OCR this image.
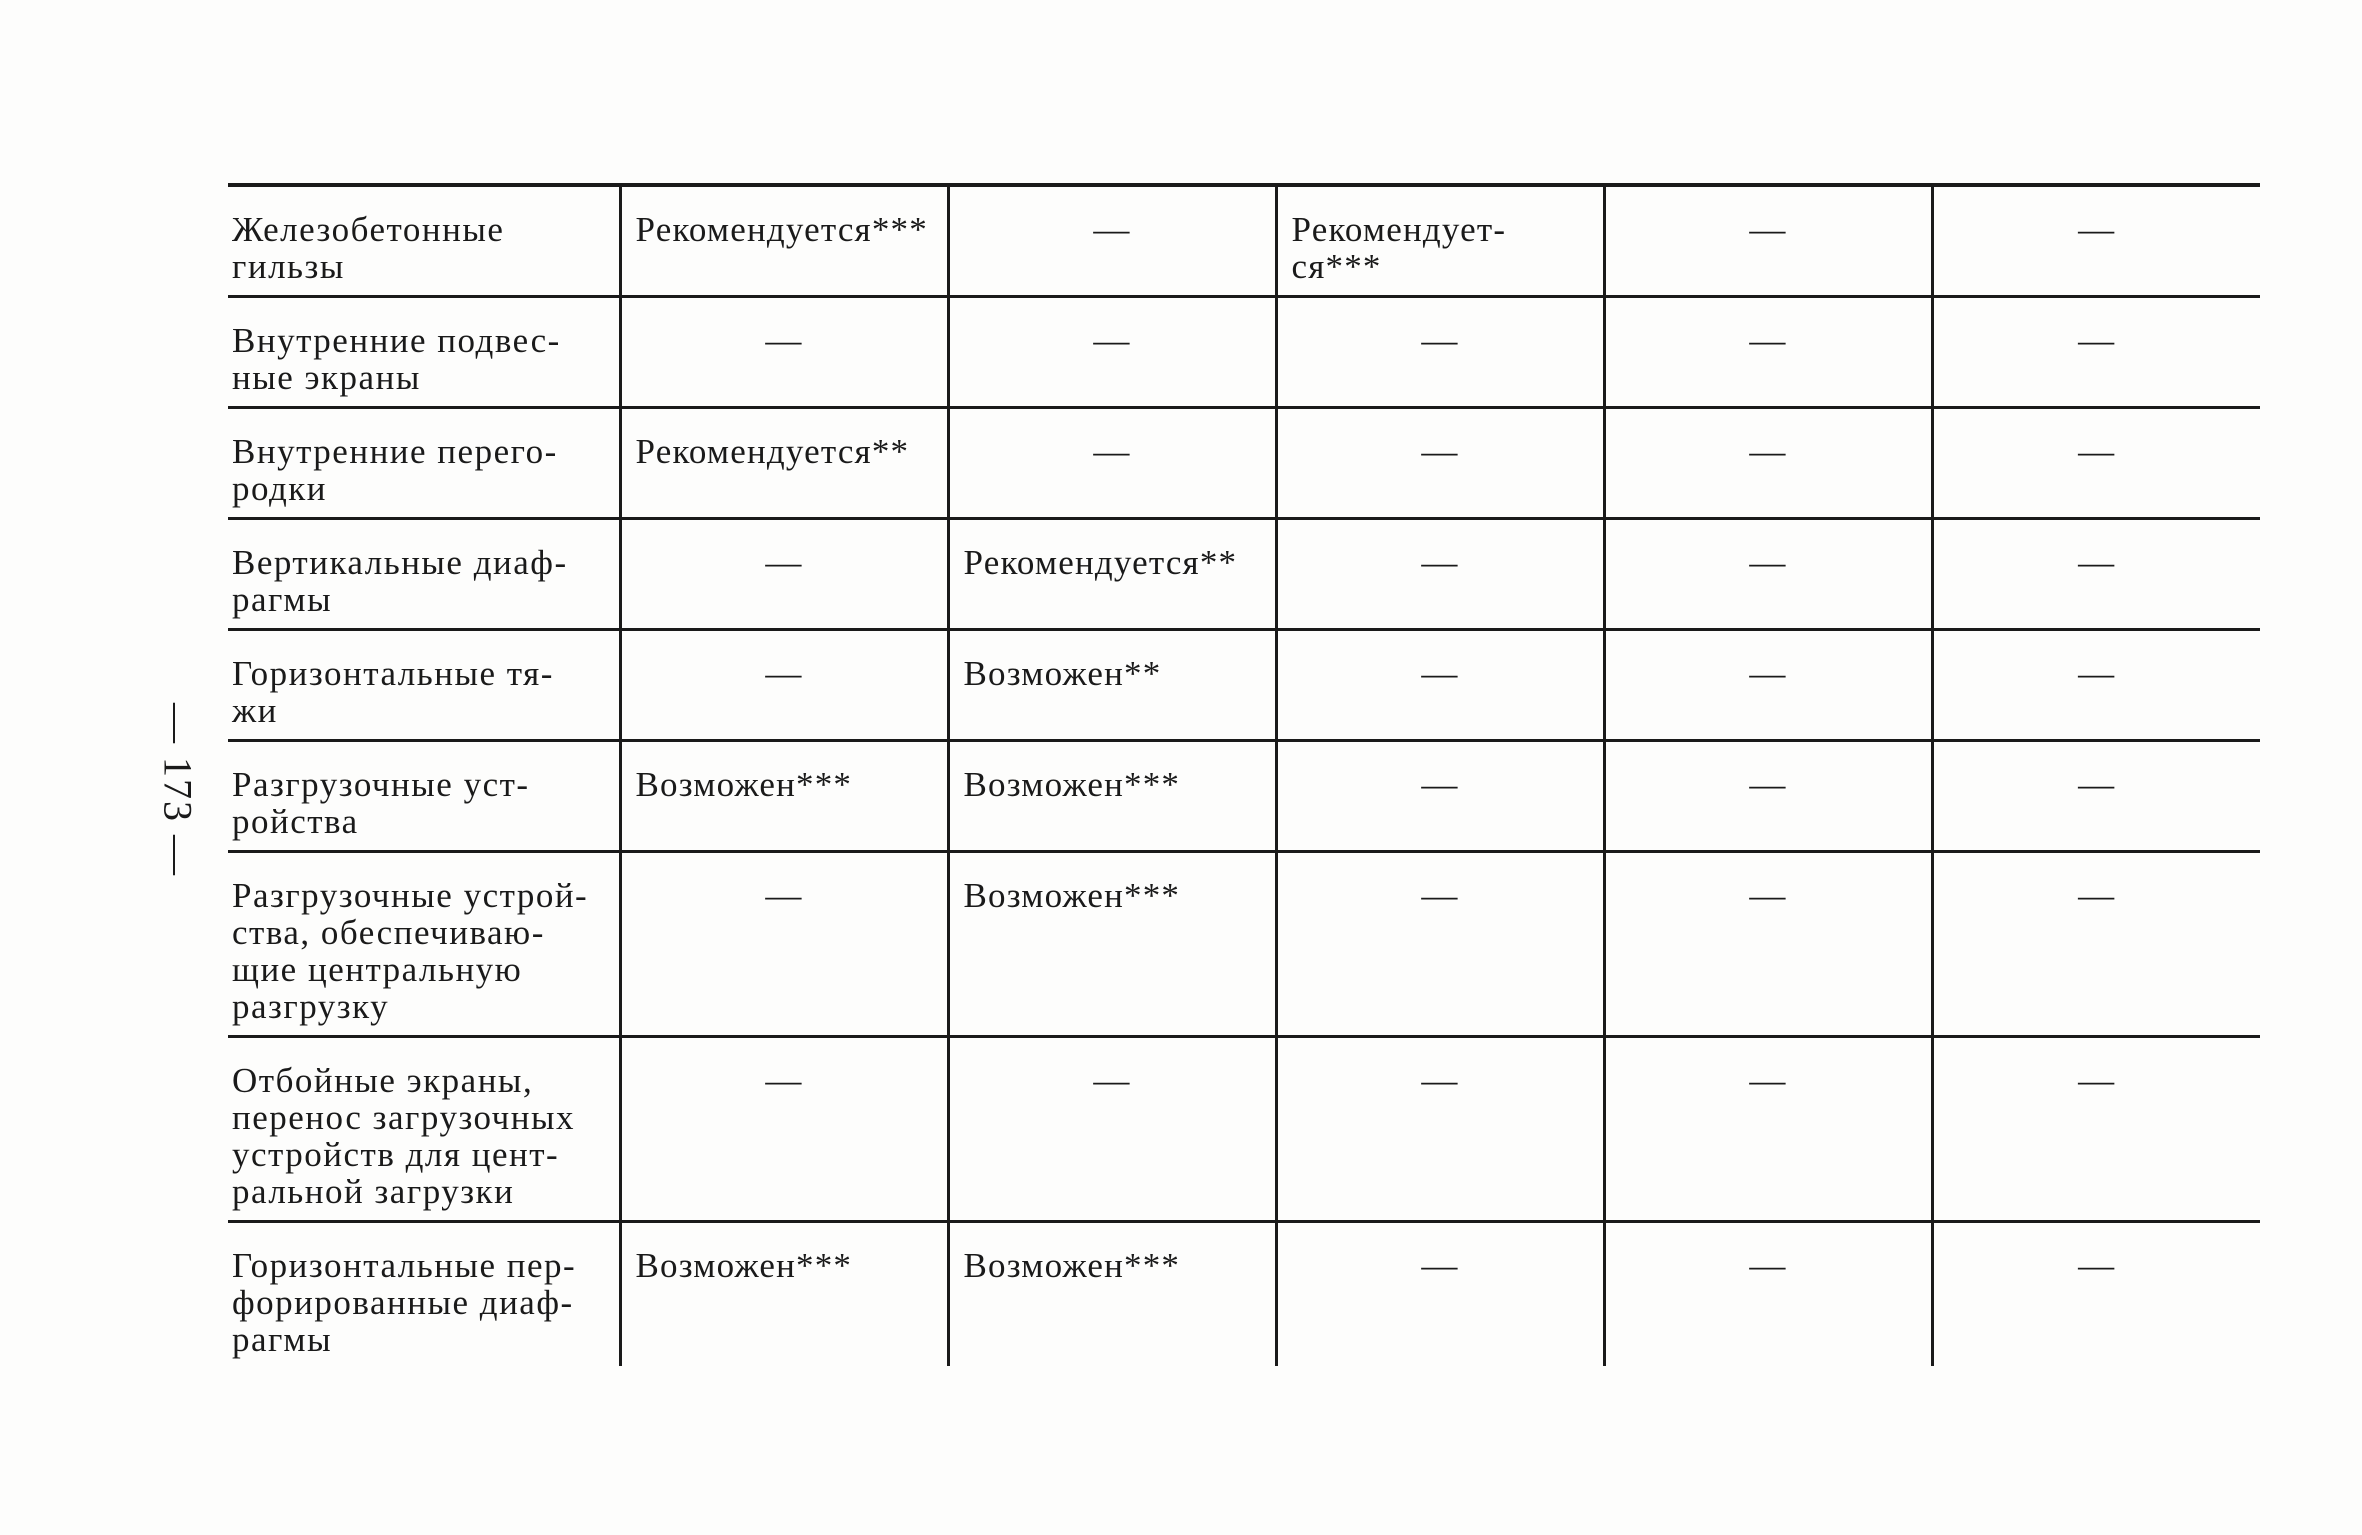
— 173 —
Железобетонные
гильзы	Рекомендуется***	—	Рекомендует-
ся***	—	—

Внутренние подвес-
ные экраны	—	—	—	—	—

Внутренние перего-
родки	Рекомендуется**	—	—	—	—

Вертикальные диаф-
рагмы	—	Рекомендуется**	—	—	—

Горизонтальные тя-
жи	—	Возможен**	—	—	—

Разгрузочные уст-
ройства	Возможен***	Возможен***	—	—	—

Разгрузочные устрой-
ства, обеспечиваю-
щие центральную
разгрузку	—	Возможен***	—	—	—

Отбойные экраны,
перенос загрузочных
устройств для цент-
ральной загрузки	—	—	—	—	—

Горизонтальные пер-
форированные диаф-
рагмы	Возможен***	Возможен***	—	—	—
